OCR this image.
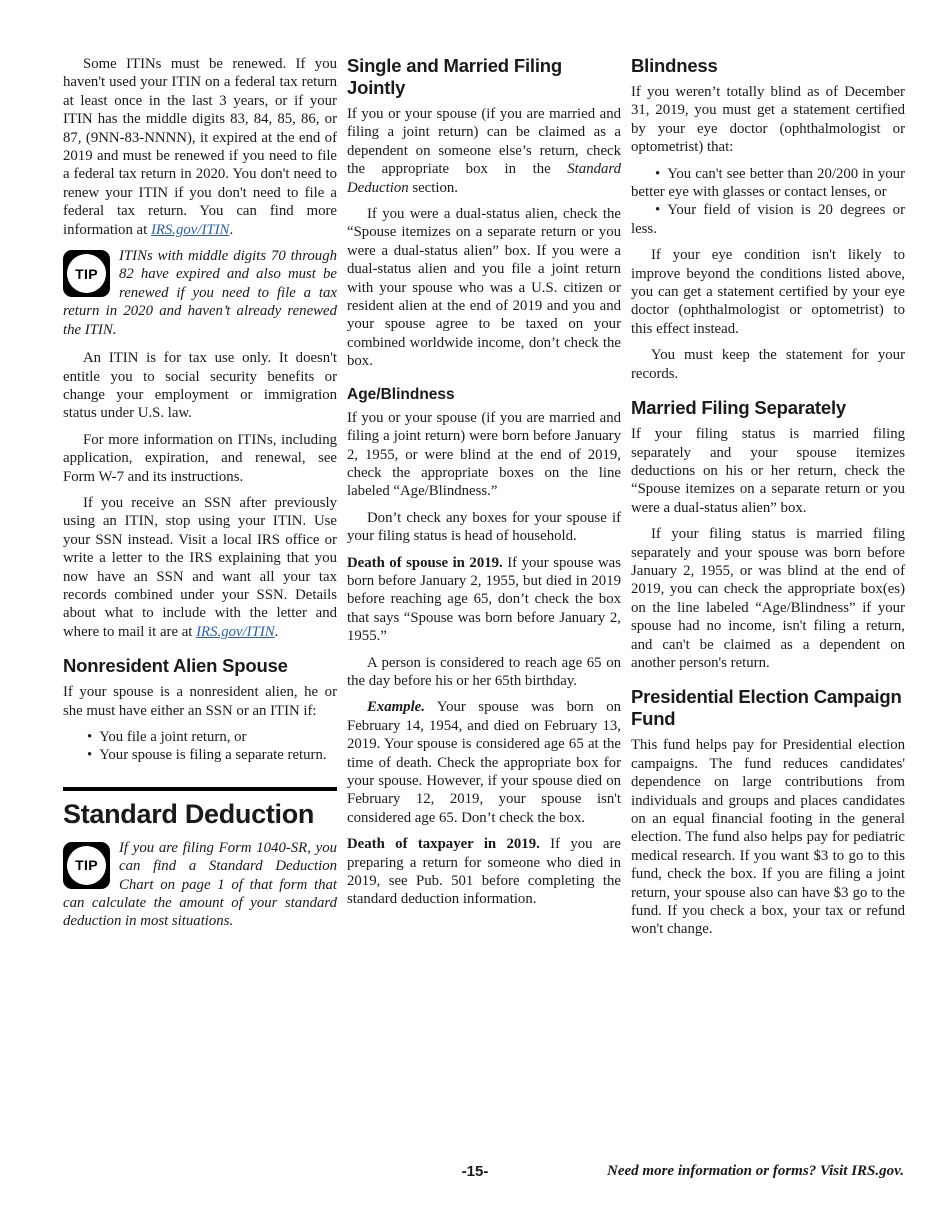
Some ITINs must be renewed. If you haven't used your ITIN on a federal tax return at least once in the last 3 years, or if your ITIN has the middle digits 83, 84, 85, 86, or 87, (9NN-83-NNNN), it expired at the end of 2019 and must be renewed if you need to file a federal tax return in 2020. You don't need to renew your ITIN if you don't need to file a federal tax return. You can find more information at IRS.gov/ITIN.

TIP

ITINs with middle digits 70 through 82 have expired and also must be renewed if you need to file a tax return in 2020 and haven’t already renewed the ITIN.

An ITIN is for tax use only. It doesn't entitle you to social security benefits or change your employment or immigration status under U.S. law.

For more information on ITINs, including application, expiration, and renewal, see Form W-7 and its instructions.

If you receive an SSN after previously using an ITIN, stop using your ITIN. Use your SSN instead. Visit a local IRS office or write a letter to the IRS explaining that you now have an SSN and want all your tax records combined under your SSN. Details about what to include with the letter and where to mail it are at IRS.gov/ITIN.

Nonresident Alien Spouse

If your spouse is a nonresident alien, he or she must have either an SSN or an ITIN if:

• You file a joint return, or

• Your spouse is filing a separate return.

Standard Deduction
TIP

If you are filing Form 1040-SR, you can find a Standard Deduction Chart on page 1 of that form that can calculate the amount of your standard deduction in most situations.

Single and Married Filing Jointly

If you or your spouse (if you are married and filing a joint return) can be claimed as a dependent on someone else’s return, check the appropriate box in the Standard Deduction section.

If you were a dual-status alien, check the “Spouse itemizes on a separate return or you were a dual-status alien” box. If you were a dual-status alien and you file a joint return with your spouse who was a U.S. citizen or resident alien at the end of 2019 and you and your spouse agree to be taxed on your combined worldwide income, don’t check the box.

Age/Blindness

If you or your spouse (if you are married and filing a joint return) were born before January 2, 1955, or were blind at the end of 2019, check the appropriate boxes on the line labeled “Age/Blindness.”

Don’t check any boxes for your spouse if your filing status is head of household.

Death of spouse in 2019. If your spouse was born before January 2, 1955, but died in 2019 before reaching age 65, don’t check the box that says “Spouse was born before January 2, 1955.”

A person is considered to reach age 65 on the day before his or her 65th birthday.

Example. Your spouse was born on February 14, 1954, and died on February 13, 2019. Your spouse is considered age 65 at the time of death. Check the appropriate box for your spouse. However, if your spouse died on February 12, 2019, your spouse isn't considered age 65. Don’t check the box.

Death of taxpayer in 2019. If you are preparing a return for someone who died in 2019, see Pub. 501 before completing the standard deduction information.

Blindness

If you weren’t totally blind as of December 31, 2019, you must get a statement certified by your eye doctor (ophthalmologist or optometrist) that:

• You can't see better than 20/200 in your better eye with glasses or contact lenses, or

• Your field of vision is 20 degrees or less.

If your eye condition isn't likely to improve beyond the conditions listed above, you can get a statement certified by your eye doctor (ophthalmologist or optometrist) to this effect instead.

You must keep the statement for your records.

Married Filing Separately

If your filing status is married filing separately and your spouse itemizes deductions on his or her return, check the “Spouse itemizes on a separate return or you were a dual-status alien” box.

If your filing status is married filing separately and your spouse was born before January 2, 1955, or was blind at the end of 2019, you can check the appropriate box(es) on the line labeled “Age/Blindness” if your spouse had no income, isn't filing a return, and can't be claimed as a dependent on another person's return.

Presidential Election Campaign Fund

This fund helps pay for Presidential election campaigns. The fund reduces candidates' dependence on large contributions from individuals and groups and places candidates on an equal financial footing in the general election. The fund also helps pay for pediatric medical research. If you want $3 to go to this fund, check the box. If you are filing a joint return, your spouse also can have $3 go to the fund. If you check a box, your tax or refund won't change.

-15-	Need more information or forms? Visit IRS.gov.
